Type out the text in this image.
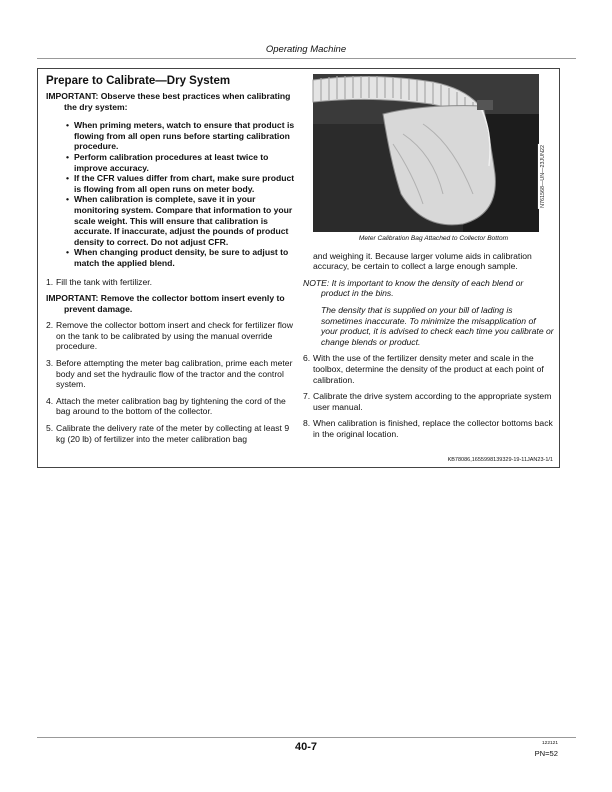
Operating Machine
Prepare to Calibrate—Dry System
IMPORTANT: Observe these best practices when calibrating the dry system:
• When priming meters, watch to ensure that product is flowing from all open runs before starting calibration procedure.
• Perform calibration procedures at least twice to improve accuracy.
• If the CFR values differ from chart, make sure product is flowing from all open runs on meter body.
• When calibration is complete, save it in your monitoring system. Compare that information to your scale weight. This will ensure that calibration is accurate. If inaccurate, adjust the pounds of product density to correct. Do not adjust CFR.
• When changing product density, be sure to adjust to match the applied blend.
1. Fill the tank with fertilizer.
IMPORTANT: Remove the collector bottom insert evenly to prevent damage.
2. Remove the collector bottom insert and check for fertilizer flow on the tank to be calibrated by using the manual override procedure.
3. Before attempting the meter bag calibration, prime each meter body and set the hydraulic flow of the tractor and the control system.
4. Attach the meter calibration bag by tightening the cord of the bag around to the bottom of the collector.
5. Calibrate the delivery rate of the meter by collecting at least 9 kg (20 lb) of fertilizer into the meter calibration bag
N761568—UN—23JUN22
Meter Calibration Bag Attached to Collector Bottom
and weighing it. Because larger volume aids in calibration accuracy, be certain to collect a large enough sample.
NOTE: It is important to know the density of each blend or product in the bins.
The density that is supplied on your bill of lading is sometimes inaccurate. To minimize the misapplication of your product, it is advised to check each time you calibrate or change blends or product.
6. With the use of the fertilizer density meter and scale in the toolbox, determine the density of the product at each point of calibration.
7. Calibrate the drive system according to the appropriate system user manual.
8. When calibration is finished, replace the collector bottoms back in the original location.
KB78086,1655998139329-19-11JAN23-1/1
40-7	122121
PN=52
